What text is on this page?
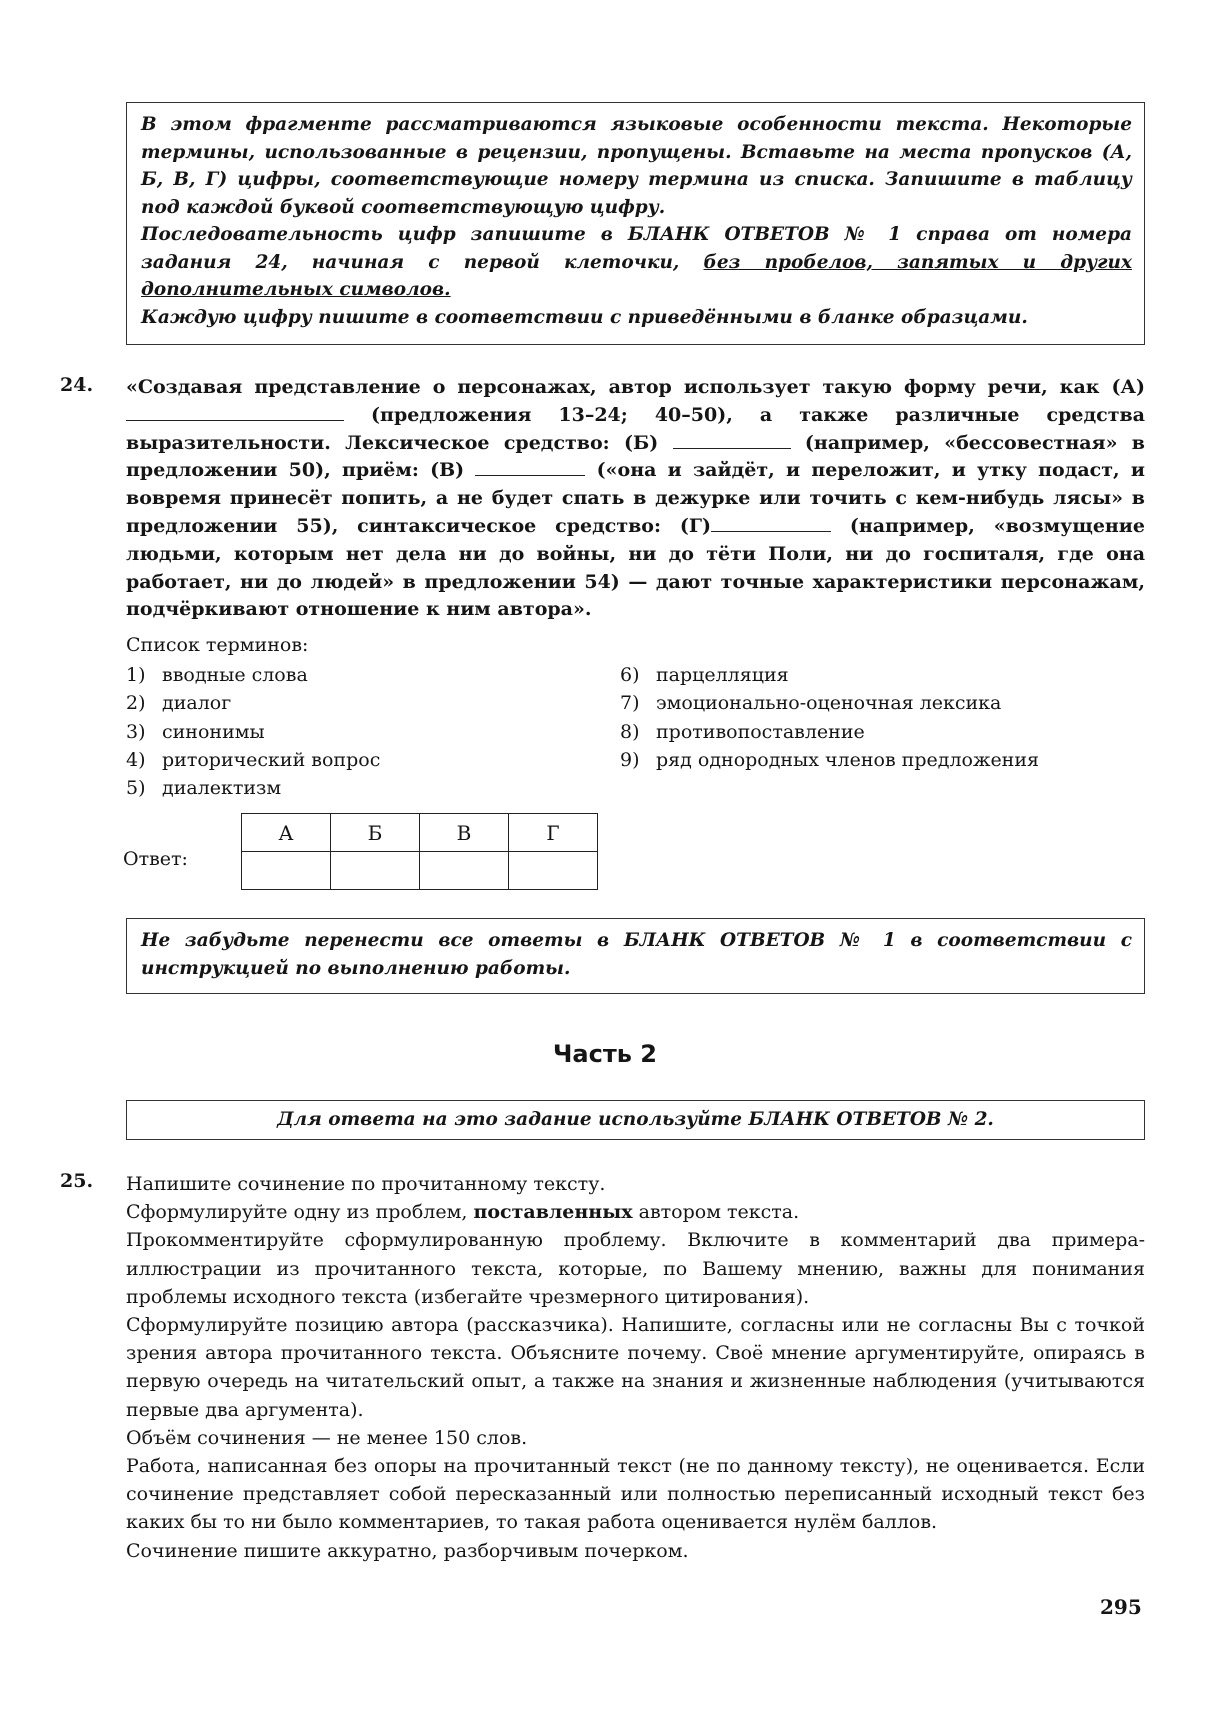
В этом фрагменте рассматриваются языковые особенности текста. Некоторые термины, использованные в рецензии, пропущены. Вставьте на места пропусков (А, Б, В, Г) цифры, соответствующие номеру термина из списка. Запишите в таблицу под каждой буквой соответствующую цифру.

Последовательность цифр запишите в БЛАНК ОТВЕТОВ № 1 справа от номера задания 24, начиная с первой клеточки, без пробелов, запятых и других дополнительных символов.

Каждую цифру пишите в соответствии с приведёнными в бланке образцами.

24. «Создавая представление о персонажах, автор использует такую форму речи, как (А) (предложения 13–24; 40–50), а также различные средства выразительности. Лексическое средство: (Б)	(например, «бессовестная» в предложении 50), приём: (В)	(«она и зайдёт, и переложит, и утку подаст, и вовремя принесёт попить, а не будет спать в дежурке или точить с кем-нибудь лясы» в предложении 55), синтаксическое средство: (Г)	(например, «возмущение людьми, которым нет дела ни до войны, ни до тёти Поли, ни до госпиталя, где она работает, ни до людей» в предложении 54) — дают точные характеристики персонажам, подчёркивают отношение к ним автора».

Список терминов:
1) вводные слова
2) диалог
3) синонимы
4) риторический вопрос
5) диалектизм
6) парцелляция
7) эмоционально-оценочная лексика
8) противопоставление
9) ряд однородных членов предложения
Ответ:
А	Б	В	Г

Не забудьте перенести все ответы в БЛАНК ОТВЕТОВ № 1 в соответствии с инструкцией по выполнению работы.

Часть 2

Для ответа на это задание используйте БЛАНК ОТВЕТОВ № 2.

25. Напишите сочинение по прочитанному тексту.

Сформулируйте одну из проблем, поставленных автором текста.

Прокомментируйте сформулированную проблему. Включите в комментарий два примера-иллюстрации из прочитанного текста, которые, по Вашему мнению, важны для понимания проблемы исходного текста (избегайте чрезмерного цитирования).

Сформулируйте позицию автора (рассказчика). Напишите, согласны или не согласны Вы с точкой зрения автора прочитанного текста. Объясните почему. Своё мнение аргументируйте, опираясь в первую очередь на читательский опыт, а также на знания и жизненные наблюдения (учитываются первые два аргумента).

Объём сочинения — не менее 150 слов.

Работа, написанная без опоры на прочитанный текст (не по данному тексту), не оценивается. Если сочинение представляет собой пересказанный или полностью переписанный исходный текст без каких бы то ни было комментариев, то такая работа оценивается нулём баллов.

Сочинение пишите аккуратно, разборчивым почерком.

295
